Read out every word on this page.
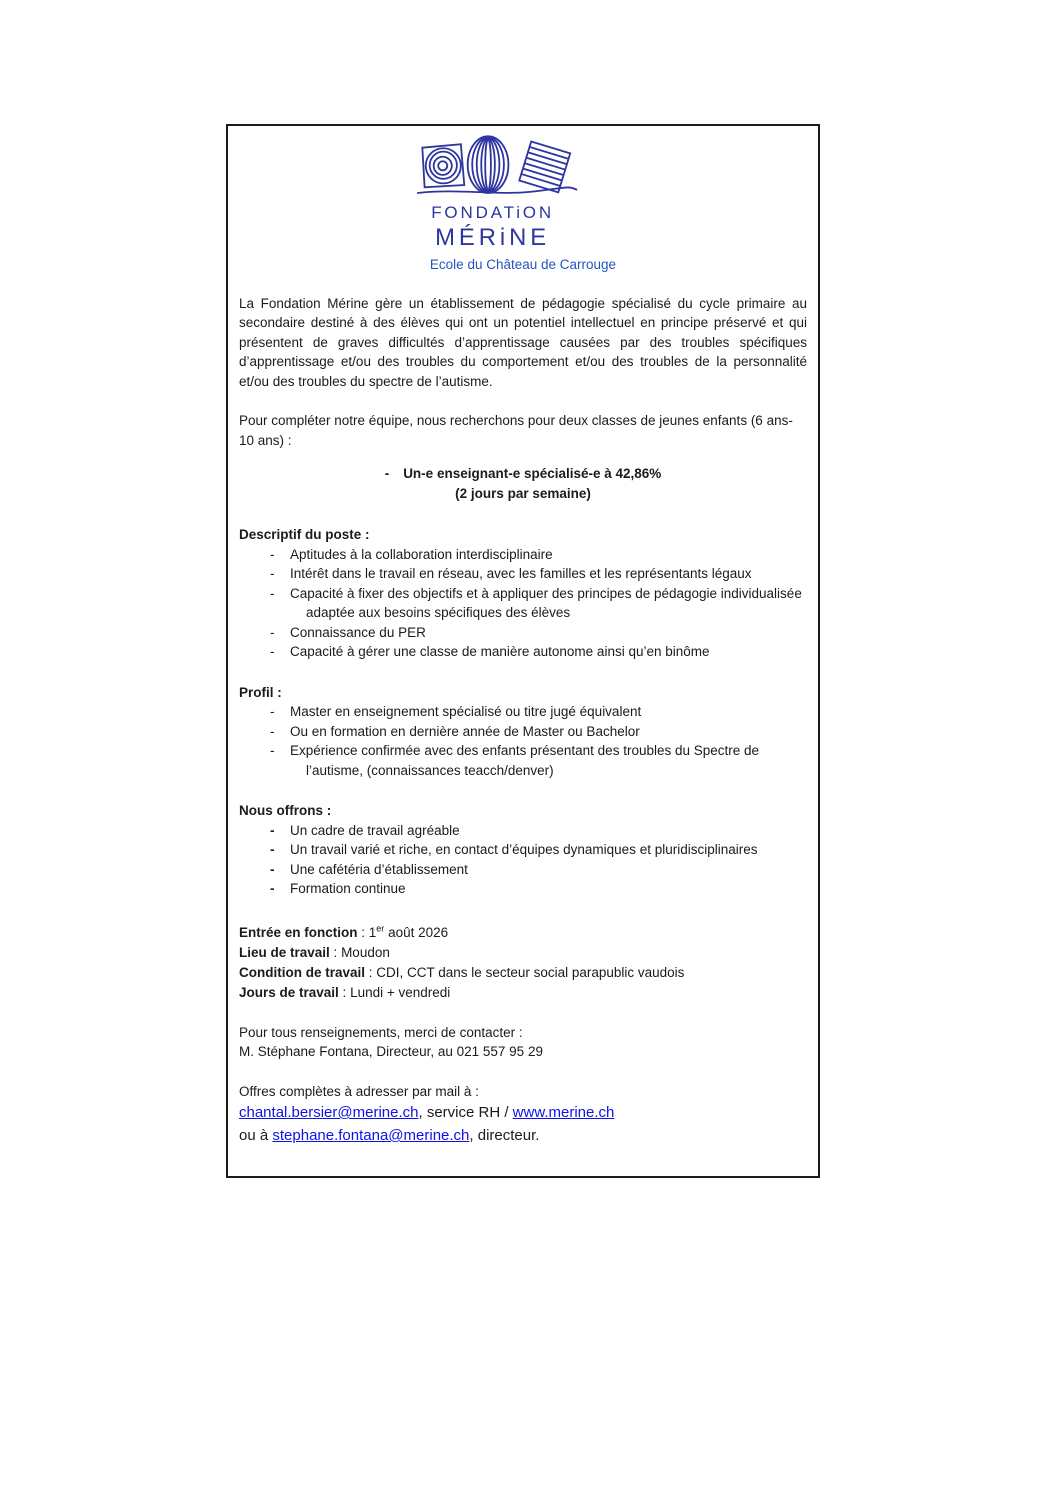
FONDATiON
MÉRiNE
Ecole du Château de Carrouge

La Fondation Mérine gère un établissement de pédagogie spécialisé du cycle primaire au secondaire destiné à des élèves qui ont un potentiel intellectuel en principe préservé et qui présentent de graves difficultés d’apprentissage causées par des troubles spécifiques d’apprentissage et/ou des troubles du comportement et/ou des troubles de la personnalité et/ou des troubles du spectre de l’autisme.

Pour compléter notre équipe, nous recherchons pour deux classes de jeunes enfants (6 ans-10 ans) :

- Un-e enseignant-e spécialisé-e à 42,86%
(2 jours par semaine)
Descriptif du poste :
- Aptitudes à la collaboration interdisciplinaire
- Intérêt dans le travail en réseau, avec les familles et les représentants légaux
- Capacité à fixer des objectifs et à appliquer des principes de pédagogie individualisée adaptée aux besoins spécifiques des élèves
- Connaissance du PER
- Capacité à gérer une classe de manière autonome ainsi qu’en binôme
Profil :
- Master en enseignement spécialisé ou titre jugé équivalent
- Ou en formation en dernière année de Master ou Bachelor
- Expérience confirmée avec des enfants présentant des troubles du Spectre de l’autisme, (connaissances teacch/denver)
Nous offrons :
- Un cadre de travail agréable
- Un travail varié et riche, en contact d’équipes dynamiques et pluridisciplinaires
- Une cafétéria d’établissement
- Formation continue
Entrée en fonction : 1er août 2026
Lieu de travail : Moudon
Condition de travail : CDI, CCT dans le secteur social parapublic vaudois
Jours de travail : Lundi + vendredi
Pour tous renseignements, merci de contacter :
M. Stéphane Fontana, Directeur, au 021 557 95 29
Offres complètes à adresser par mail à :
chantal.bersier@merine.ch, service RH / www.merine.ch
ou à stephane.fontana@merine.ch, directeur.
